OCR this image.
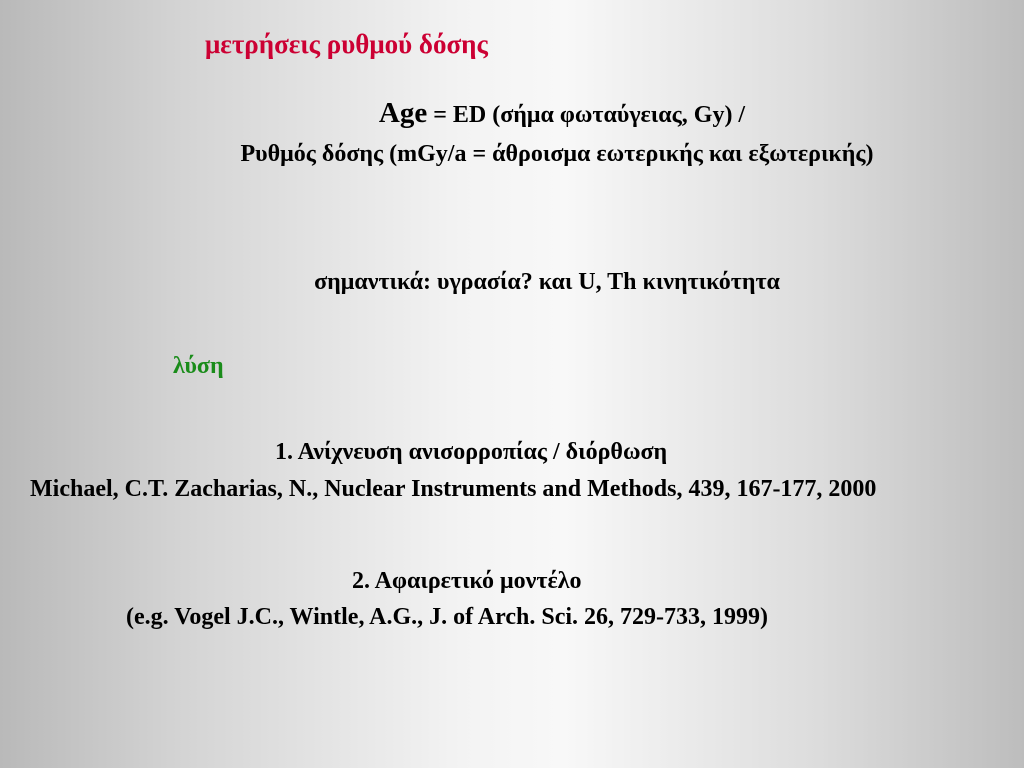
μετρήσεις ρυθμού δόσης

Age = ED (σήμα φωταύγειας, Gy) /

Ρυθμός δόσης (mGy/a = άθροισμα εωτερικής και εξωτερικής)

σημαντικά: υγρασία? και U, Th κινητικότητα

λύση

1. Ανίχνευση ανισορροπίας / διόρθωση

Michael, C.T. Zacharias, N., Nuclear Instruments and Methods, 439, 167-177, 2000

2. Αφαιρετικό μοντέλο

(e.g. Vogel J.C., Wintle, A.G., J. of Arch. Sci. 26, 729-733, 1999)
